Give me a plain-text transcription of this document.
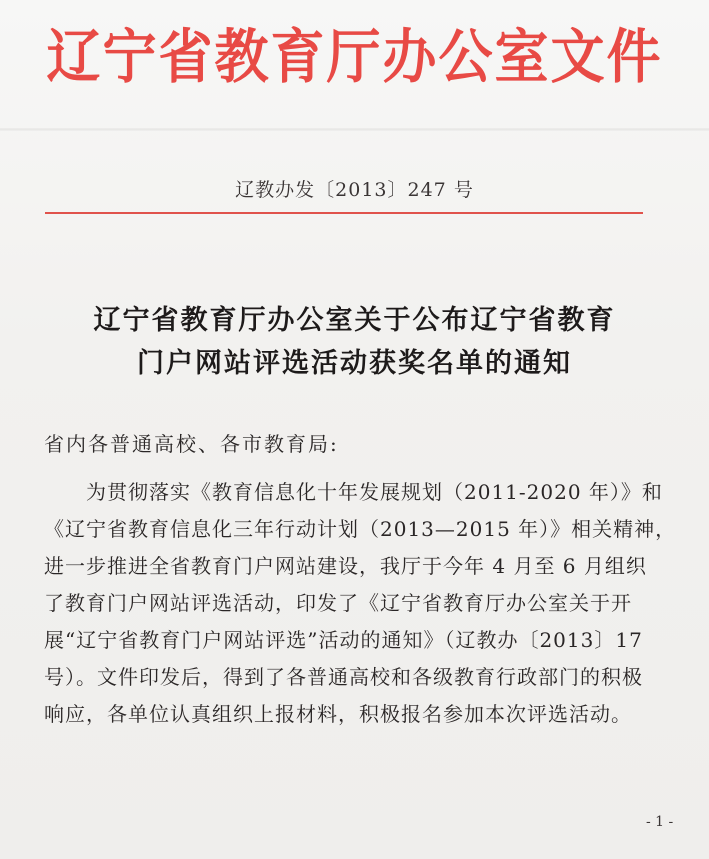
辽宁省教育厅办公室文件
辽教办发〔2013〕247 号
辽宁省教育厅办公室关于公布辽宁省教育
门户网站评选活动获奖名单的通知
省内各普通高校、各市教育局:
　　为贯彻落实《教育信息化十年发展规划（2011-2020 年）》和
《辽宁省教育信息化三年行动计划（2013—2015 年）》相关精神，
进一步推进全省教育门户网站建设，我厅于今年 4 月至 6 月组织
了教育门户网站评选活动，印发了《辽宁省教育厅办公室关于开
展“辽宁省教育门户网站评选”活动的通知》（辽教办〔2013〕17
号）。文件印发后，得到了各普通高校和各级教育行政部门的积极
响应，各单位认真组织上报材料，积极报名参加本次评选活动。
- 1 -
